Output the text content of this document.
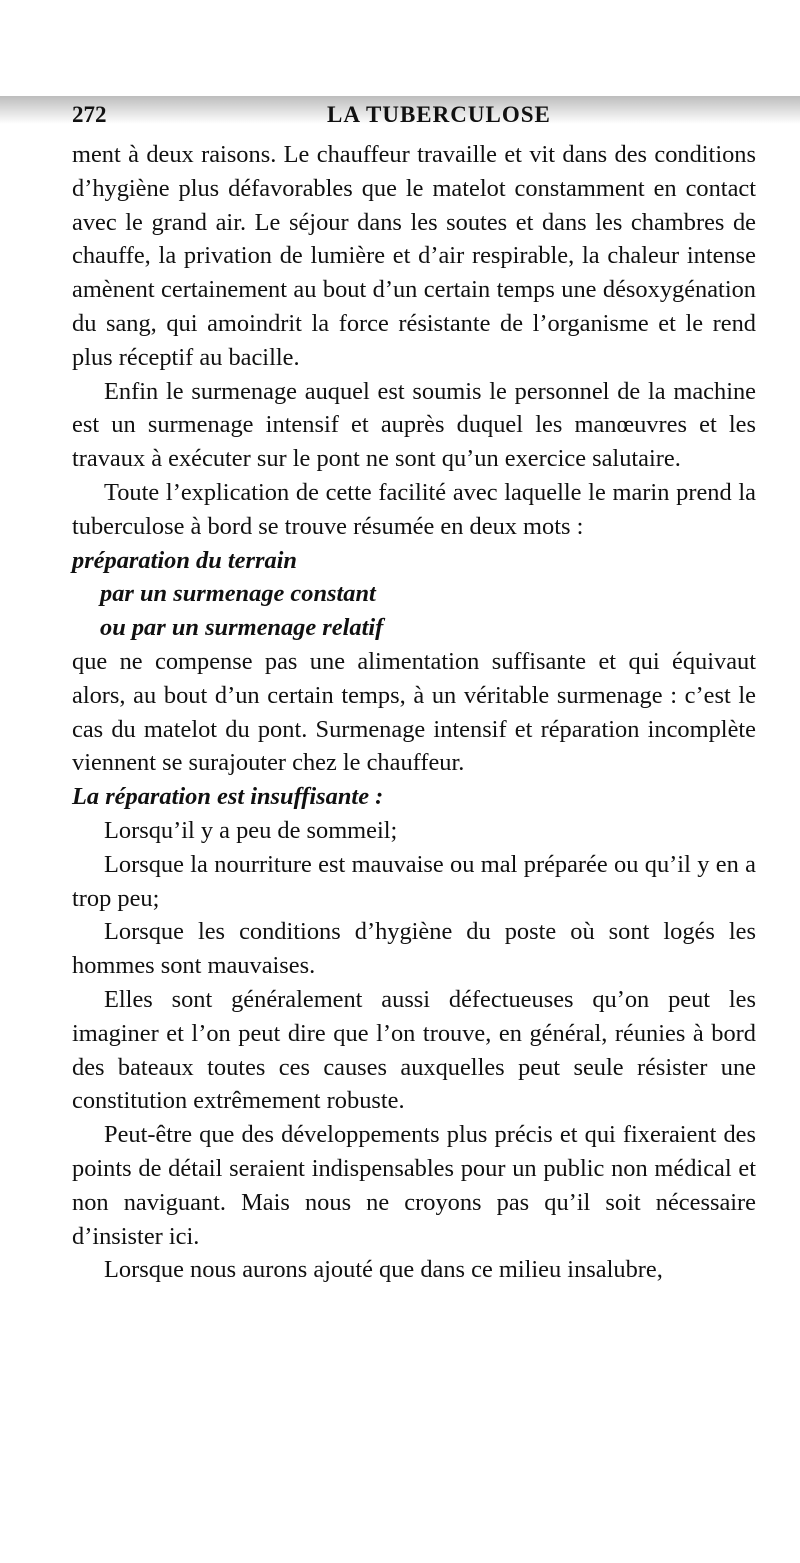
272	LA TUBERCULOSE

ment à deux raisons. Le chauffeur travaille et vit dans des conditions d’hygiène plus défavorables que le matelot constamment en contact avec le grand air. Le séjour dans les soutes et dans les chambres de chauffe, la privation de lumière et d’air respirable, la chaleur intense amènent certainement au bout d’un certain temps une désoxygénation du sang, qui amoindrit la force résistante de l’organisme et le rend plus réceptif au bacille.

Enfin le surmenage auquel est soumis le personnel de la machine est un surmenage intensif et auprès duquel les manœuvres et les travaux à exécuter sur le pont ne sont qu’un exercice salutaire.

Toute l’explication de cette facilité avec laquelle le marin prend la tuberculose à bord se trouve résumée en deux mots :

préparation du terrain
par un surmenage constant
ou par un surmenage relatif

que ne compense pas une alimentation suffisante et qui équivaut alors, au bout d’un certain temps, à un véritable surmenage : c’est le cas du matelot du pont. Surmenage intensif et réparation incomplète viennent se surajouter chez le chauffeur.

La réparation est insuffisante :

Lorsqu’il y a peu de sommeil;

Lorsque la nourriture est mauvaise ou mal préparée ou qu’il y en a trop peu;

Lorsque les conditions d’hygiène du poste où sont logés les hommes sont mauvaises.

Elles sont généralement aussi défectueuses qu’on peut les imaginer et l’on peut dire que l’on trouve, en général, réunies à bord des bateaux toutes ces causes auxquelles peut seule résister une constitution extrêmement robuste.

Peut-être que des développements plus précis et qui fixeraient des points de détail seraient indispensables pour un public non médical et non naviguant. Mais nous ne croyons pas qu’il soit nécessaire d’insister ici.

Lorsque nous aurons ajouté que dans ce milieu insalubre,
